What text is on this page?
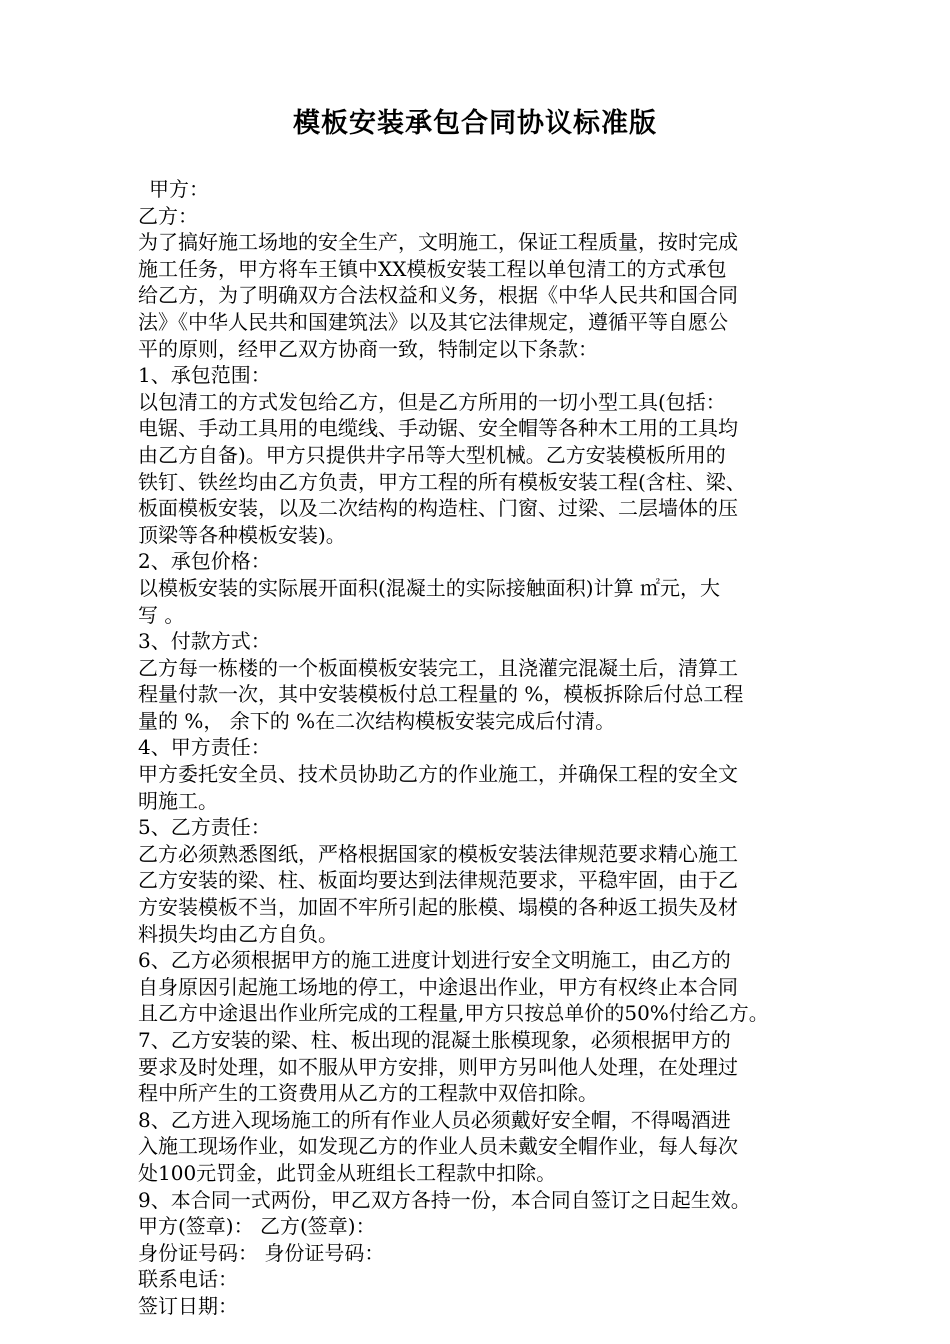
模板安装承包合同协议标准版
甲方：
乙方：
为了搞好施工场地的安全生产，文明施工，保证工程质量，按时完成
施工任务，甲方将车王镇中XX模板安装工程以单包清工的方式承包
给乙方，为了明确双方合法权益和义务，根据《中华人民共和国合同
法》《中华人民共和国建筑法》以及其它法律规定，遵循平等自愿公
平的原则，经甲乙双方协商一致，特制定以下条款：
1、承包范围：
以包清工的方式发包给乙方，但是乙方所用的一切小型工具(包括：
电锯、手动工具用的电缆线、手动锯、安全帽等各种木工用的工具均
由乙方自备)。甲方只提供井字吊等大型机械。乙方安装模板所用的
铁钉、铁丝均由乙方负责，甲方工程的所有模板安装工程(含柱、梁、
板面模板安装，以及二次结构的构造柱、门窗、过梁、二层墙体的压
顶梁等各种模板安装)。
2、承包价格：
以模板安装的实际展开面积(混凝土的实际接触面积)计算 ㎡元，大
写 。
3、付款方式：
乙方每一栋楼的一个板面模板安装完工，且浇灌完混凝土后，清算工
程量付款一次，其中安装模板付总工程量的 %，模板拆除后付总工程
量的 %， 余下的 %在二次结构模板安装完成后付清。
4、甲方责任：
甲方委托安全员、技术员协助乙方的作业施工，并确保工程的安全文
明施工。
5、乙方责任：
乙方必须熟悉图纸，严格根据国家的模板安装法律规范要求精心施工
乙方安装的梁、柱、板面均要达到法律规范要求，平稳牢固，由于乙
方安装模板不当，加固不牢所引起的胀模、塌模的各种返工损失及材
料损失均由乙方自负。
6、乙方必须根据甲方的施工进度计划进行安全文明施工，由乙方的
自身原因引起施工场地的停工，中途退出作业，甲方有权终止本合同
且乙方中途退出作业所完成的工程量,甲方只按总单价的50%付给乙方。
7、乙方安装的梁、柱、板出现的混凝土胀模现象，必须根据甲方的
要求及时处理，如不服从甲方安排，则甲方另叫他人处理，在处理过
程中所产生的工资费用从乙方的工程款中双倍扣除。
8、乙方进入现场施工的所有作业人员必须戴好安全帽，不得喝酒进
入施工现场作业，如发现乙方的作业人员未戴安全帽作业，每人每次
处100元罚金，此罚金从班组长工程款中扣除。
9、本合同一式两份，甲乙双方各持一份，本合同自签订之日起生效。
甲方(签章)： 乙方(签章)：
身份证号码： 身份证号码：
联系电话：
签订日期：
